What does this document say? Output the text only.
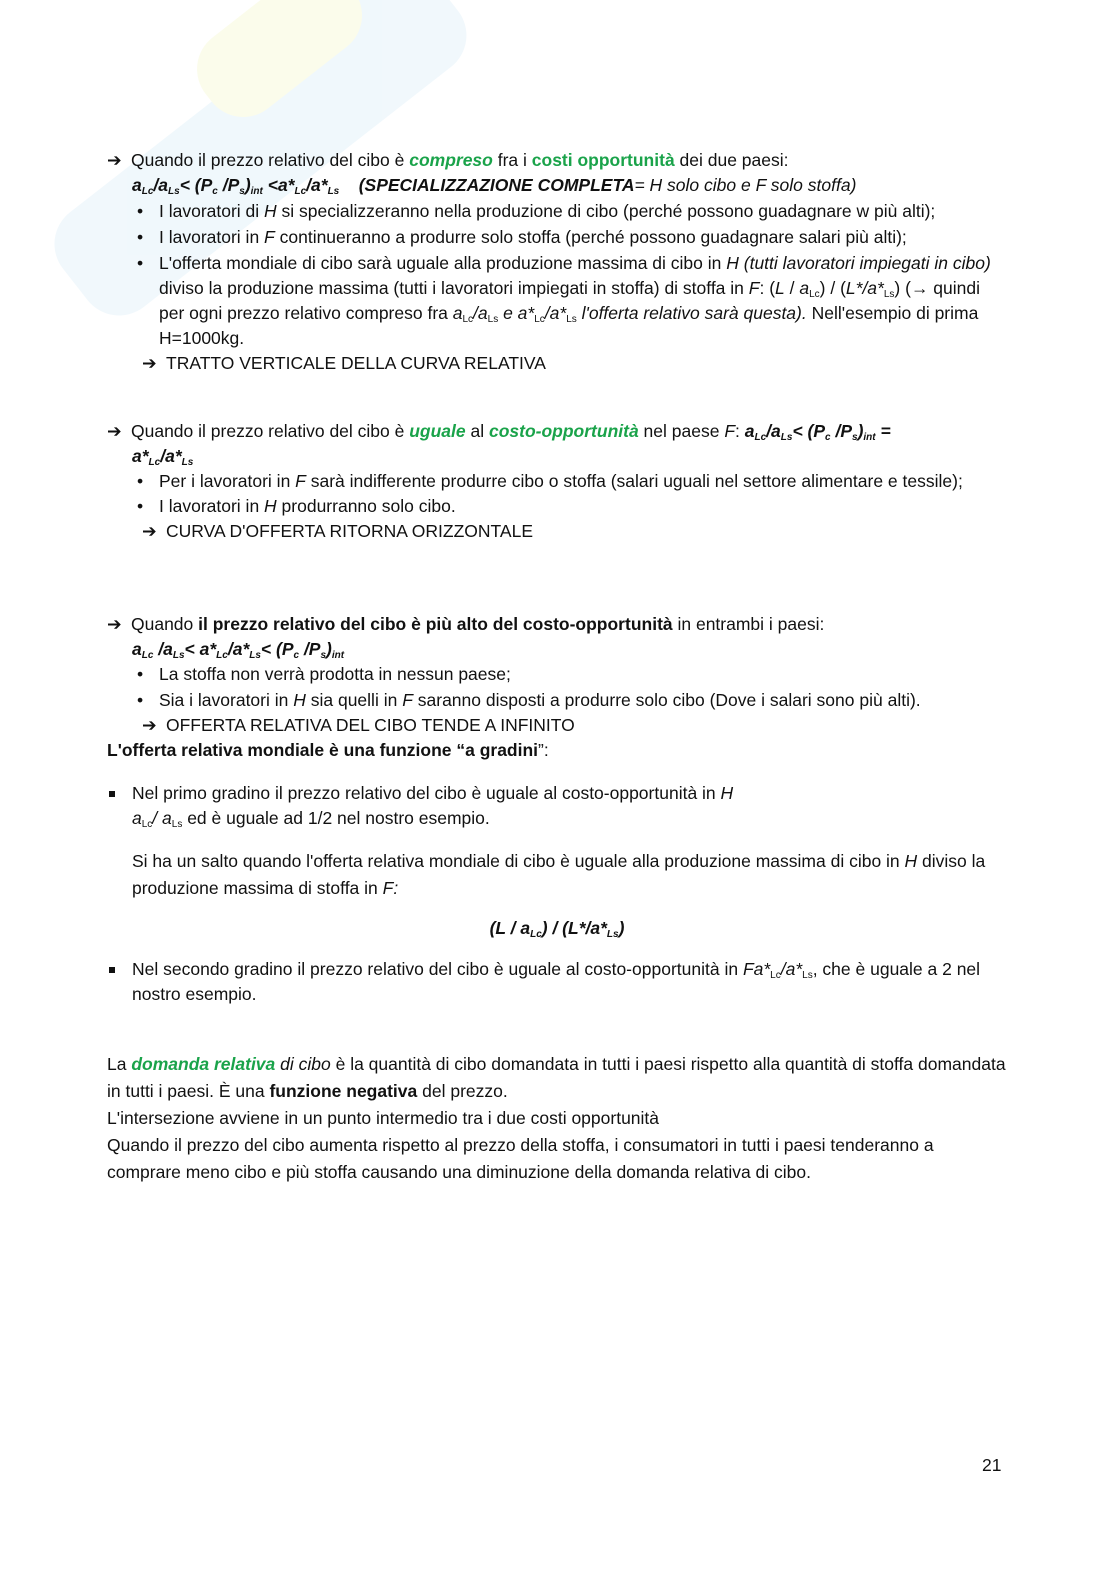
➔ Quando il prezzo relativo del cibo è compreso fra i costi opportunità dei due paesi:
$a_{Lc}/a_{Ls}< (P_c$ $/P_s)_{int} <a*_{Lc}/a*_{Ls}$ (SPECIALIZZAZIONE COMPLETA= H solo cibo e F solo stoffa)
• I lavoratori di H si specializzeranno nella produzione di cibo (perché possono guadagnare w più alti);
• I lavoratori in F continueranno a produrre solo stoffa (perché possono guadagnare salari più alti);
• L'offerta mondiale di cibo sarà uguale alla produzione massima di cibo in H (tutti lavoratori impiegati in cibo) diviso la produzione massima (tutti i lavoratori impiegati in stoffa) di stoffa in F: $(L / a_{Lc}) / (L*/a*_{Ls})$ (→ quindi per ogni prezzo relativo compreso fra $a_{Lc}/a_{Ls}$ e $a*_{Lc}/a*_{Ls}$ l'offerta relativo sarà questa). Nell'esempio di prima H=1000kg.
➔ TRATTO VERTICALE DELLA CURVA RELATIVA
➔ Quando il prezzo relativo del cibo è uguale al costo-opportunità nel paese F: $a_{Lc}/a_{Ls}< (P_c$ $/P_s)_{int}$ =
$a*_{Lc}/a*_{Ls}$
• Per i lavoratori in F sarà indifferente produrre cibo o stoffa (salari uguali nel settore alimentare e tessile);
• I lavoratori in H produrranno solo cibo.
➔ CURVA D'OFFERTA RITORNA ORIZZONTALE
➔ Quando il prezzo relativo del cibo è più alto del costo-opportunità in entrambi i paesi:
$a_{Lc}$ $/a_{Ls}< a*_{Lc}/a*_{Ls}< (P_c$ $/P_s)_{int}$
• La stoffa non verrà prodotta in nessun paese;
• Sia i lavoratori in H sia quelli in F saranno disposti a produrre solo cibo (Dove i salari sono più alti).
➔ OFFERTA RELATIVA DEL CIBO TENDE A INFINITO
L'offerta relativa mondiale è una funzione “a gradini”:
Nel primo gradino il prezzo relativo del cibo è uguale al costo-opportunità in H
$a_{Lc}/$ $a_{Ls}$ ed è uguale ad 1/2 nel nostro esempio.
Si ha un salto quando l'offerta relativa mondiale di cibo è uguale alla produzione massima di cibo in H diviso la produzione massima di stoffa in F:
$(L / a_{Lc}) / (L*/a*_{Ls})$
Nel secondo gradino il prezzo relativo del cibo è uguale al costo-opportunità in $Fa*_{Lc}/a*_{Ls}$, che è uguale a 2 nel nostro esempio.
La domanda relativa di cibo è la quantità di cibo domandata in tutti i paesi rispetto alla quantità di stoffa domandata in tutti i paesi. È una funzione negativa del prezzo.
L'intersezione avviene in un punto intermedio tra i due costi opportunità
Quando il prezzo del cibo aumenta rispetto al prezzo della stoffa, i consumatori in tutti i paesi tenderanno a comprare meno cibo e più stoffa causando una diminuzione della domanda relativa di cibo.
21
